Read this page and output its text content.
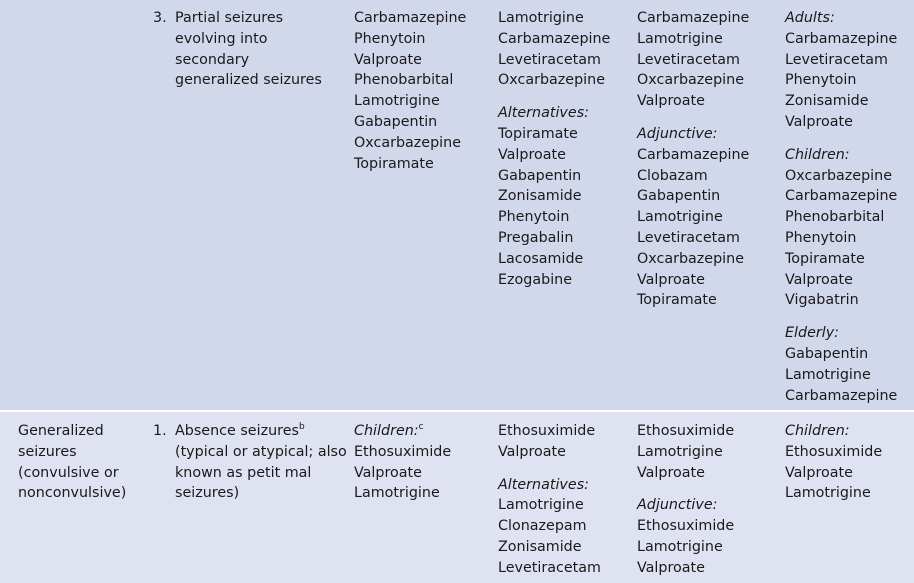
3. Partial seizures
evolving into
secondary
generalized seizures
Carbamazepine
Phenytoin
Valproate
Phenobarbital
Lamotrigine
Gabapentin
Oxcarbazepine
Topiramate
Lamotrigine
Carbamazepine
Levetiracetam
Oxcarbazepine
Alternatives:
Topiramate
Valproate
Gabapentin
Zonisamide
Phenytoin
Pregabalin
Lacosamide
Ezogabine
Carbamazepine
Lamotrigine
Levetiracetam
Oxcarbazepine
Valproate
Adjunctive:
Carbamazepine
Clobazam
Gabapentin
Lamotrigine
Levetiracetam
Oxcarbazepine
Valproate
Topiramate
Adults:
Carbamazepine
Levetiracetam
Phenytoin
Zonisamide
Valproate
Children:
Oxcarbazepine
Carbamazepine
Phenobarbital
Phenytoin
Topiramate
Valproate
Vigabatrin
Elderly:
Gabapentin
Lamotrigine
Carbamazepine
Generalized
seizures
(convulsive or
nonconvulsive)
1. Absence seizures$^b$
(typical or atypical; also
known as petit mal
seizures)
Children:$^c$
Ethosuximide
Valproate
Lamotrigine
Ethosuximide
Valproate
Alternatives:
Lamotrigine
Clonazepam
Zonisamide
Levetiracetam
Ethosuximide
Lamotrigine
Valproate
Adjunctive:
Ethosuximide
Lamotrigine
Valproate
Children:
Ethosuximide
Valproate
Lamotrigine
